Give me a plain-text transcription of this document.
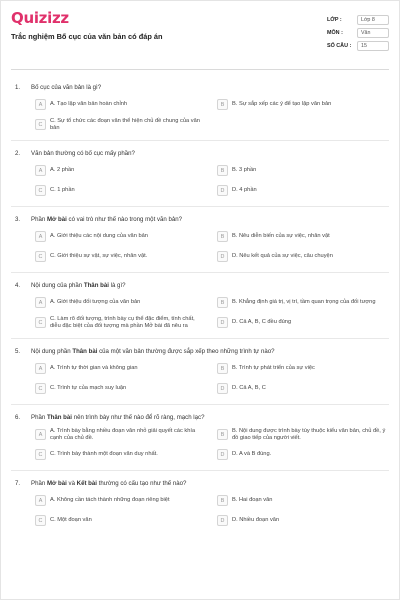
Quizizz
Trắc nghiệm Bố cục của văn bản có đáp án
LỚP :	Lớp 8
MÔN :	Văn
SỐ CÂU :	15
1.	Bố cục của văn bản là gì?
A	A. Tạo lập văn bản hoàn chỉnh	B	B. Sự sắp xếp các ý để tạo lập văn bản
C
C. Sự tổ chức các đoạn văn thể hiện chủ đề chung của văn bản
2.	Văn bản thường có bố cục mấy phần?
A	A. 2 phần	B	B. 3 phần
C	C. 1 phần	D	D. 4 phần
3.	Phần Mở bài có vai trò như thế nào trong một văn bản?
A	A. Giới thiệu các nội dung của văn bản	B	B. Nêu diễn biến của sự việc, nhân vật
C	C. Giới thiệu sự vật, sự việc, nhân vật.	D	D. Nêu kết quả của sự việc, câu chuyện
4.	Nội dung của phần Thân bài là gì?
A	A. Giới thiệu đối tượng của văn bản	B	B. Khẳng định giá trị, vị trí, tầm quan trọng của đối tượng
C
C. Làm rõ đối tượng, trình bày cụ thể đặc điểm, tính chất, diễu đặc biệt của đối tượng mà phần Mở bài đã nêu ra	D	D. Cả A, B, C đều đúng
5.	Nội dung phần Thân bài của một văn bản thường được sắp xếp theo những trình tự nào?
A	A. Trình tự thời gian và không gian	B	B. Trình tự phát triển của sự việc
C	C. Trình tự của mạch suy luận	D	D. Cả A, B, C
6.	Phần Thân bài nên trình bày như thế nào để rõ ràng, mạch lạc?
A
A. Trình bày bằng nhiều đoạn văn nhỏ giải quyết các khía cạnh của chủ đề.	B
B. Nội dung được trình bày tùy thuộc kiểu văn bản, chủ đề, ý đồ giao tiếp của người viết.
C	C. Trình bày thành một đoạn văn duy nhất.	D	D. A và B đúng.
7.	Phần Mở bài và Kết bài thường có cấu tạo như thế nào?
A	A. Không cần tách thành những đoạn riêng biệt	B	B. Hai đoạn văn
C	C. Một đoạn văn	D	D. Nhiều đoạn văn
